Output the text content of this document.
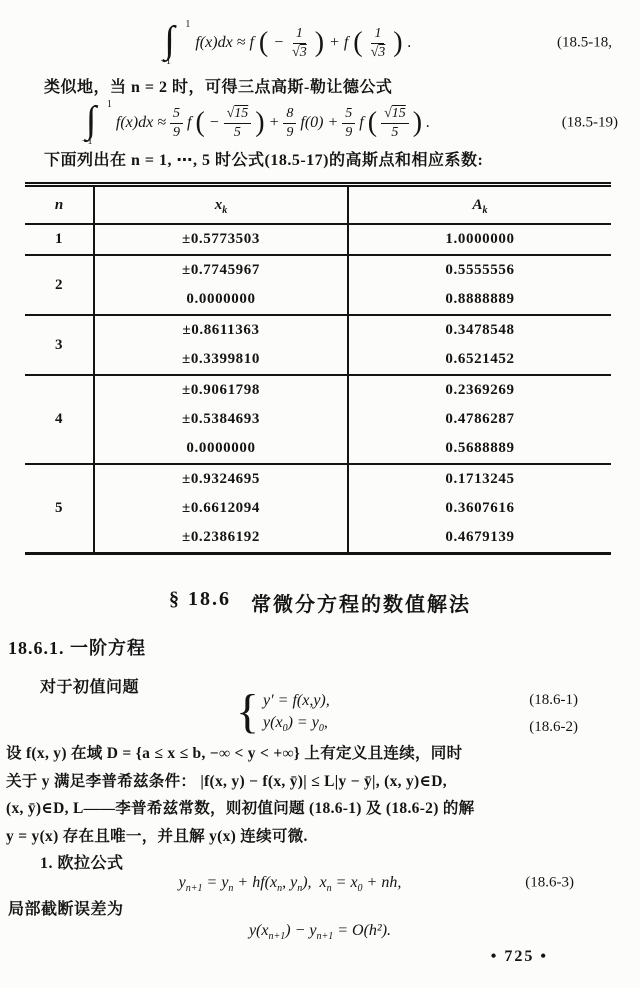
∫

1

−1

f(x)dx ≈ f ( − $\frac{1}{√3}$ ) + f ( $\frac{1}{√3}$ ) .	(18.5-18,
类似地，当 n = 2 时，可得三点高斯-勒让德公式

∫

1

−1

$f(x)dx \approx \frac{5}{9}$ f ( − $\frac{√15}{5}$ ) + $\frac{8}{9} f(0) + \frac{5}{9}$ f ( $\frac{√15}{5}$ ) .	(18.5-19)
下面列出在 n = 1, ⋯, 5 时公式(18.5-17)的高斯点和相应系数:
n	$x_k$	$A_k$
1	±0.5773503	1.0000000
2	±0.7745967	0.5555556
	0.0000000	0.8888889
3	±0.8611363	0.3478548
	±0.3399810	0.6521452
4	±0.9061798	0.2369269
	±0.5384693	0.4786287
	0.0000000	0.5688889
5	±0.9324695	0.1713245
	±0.6612094	0.3607616
	±0.2386192	0.4679139
§ 18.6 常微分方程的数值解法
18.6.1. 一阶方程
对于初值问题 { y′ = f(x,y),
$y(x_0) = y_0$,
(18.6-1)
(18.6-2)
设 f(x, y) 在域 D = {a ≤ x ≤ b, −∞ < y < +∞} 上有定义且连续，同时
关于 y 满足李普希兹条件： |f(x, y) − f(x, ȳ)| ≤ L|y − ȳ|, (x, y)∈D,
(x, ȳ)∈D, L——李普希兹常数，则初值问题 (18.6-1) 及 (18.6-2) 的解
y = y(x) 存在且唯一，并且解 y(x) 连续可微.
1. 欧拉公式
$y_{n+1} = y_n + hf(x_n$, $y_n$),  $x_n = x_0$ + nh,	(18.6-3)
局部截断误差为
$y(x_{n+1}) - y_{n+1} = O(h^2)$.
• 725 •
